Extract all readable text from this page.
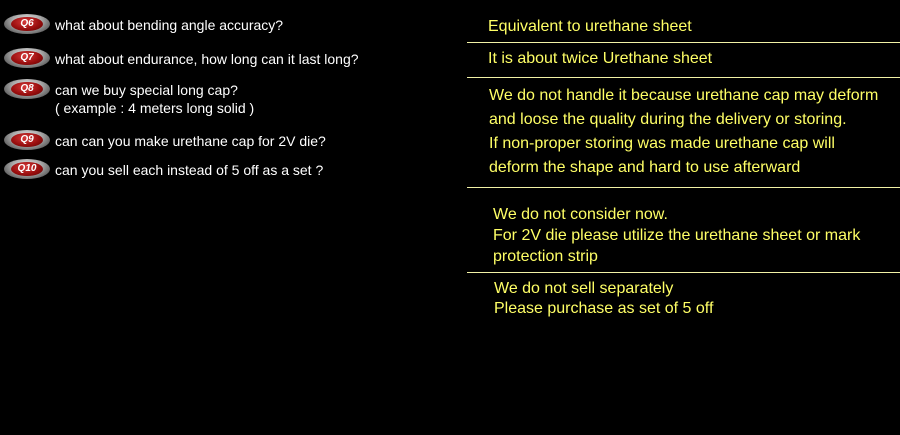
Q6 what about bending angle accuracy?
Q7 what about endurance, how long can it last long?
Q8 can we buy special long cap?
( example : 4 meters long solid )
Q9 can can you make urethane cap for 2V die?
Q10 can you sell each instead of 5 off as a set ?
Equivalent to urethane sheet
It is about twice Urethane sheet
We do not handle it because urethane cap may deform
and loose the quality during the delivery or storing.
If non-proper storing was made urethane cap will
deform the shape and hard to use afterward
We do not consider now.
For 2V die please utilize the urethane sheet or mark
protection strip
We do not sell separately
Please purchase as set of 5 off
